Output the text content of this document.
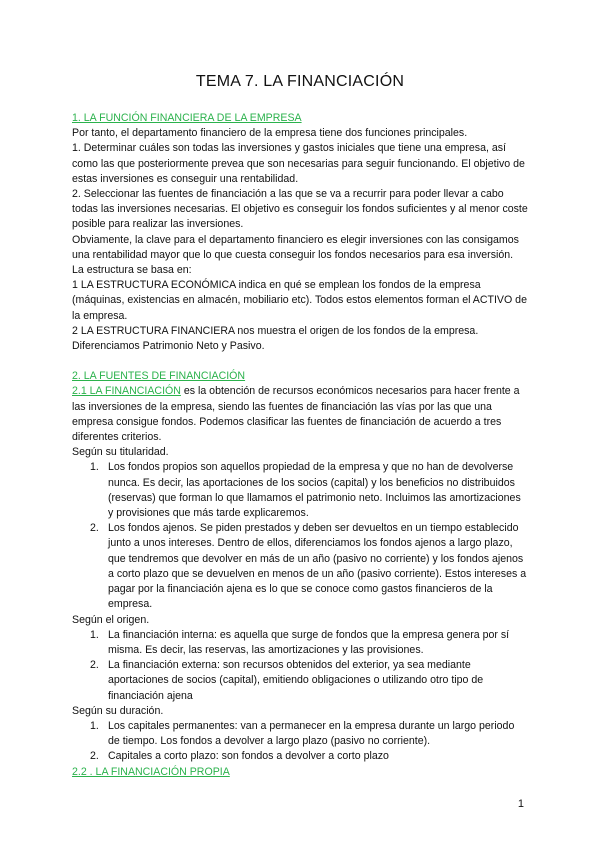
TEMA 7. LA FINANCIACIÓN

1. LA FUNCIÓN FINANCIERA DE LA EMPRESA

Por tanto, el departamento financiero de la empresa tiene dos funciones principales.

1. Determinar cuáles son todas las inversiones y gastos iniciales que tiene una empresa, así como las que posteriormente prevea que son necesarias para seguir funcionando. El objetivo de estas inversiones es conseguir una rentabilidad.

2. Seleccionar las fuentes de financiación a las que se va a recurrir para poder llevar a cabo todas las inversiones necesarias. El objetivo es conseguir los fondos suficientes y al menor coste posible para realizar las inversiones.

Obviamente, la clave para el departamento financiero es elegir inversiones con las consigamos una rentabilidad mayor que lo que cuesta conseguir los fondos necesarios para esa inversión.

La estructura se basa en:

1 LA ESTRUCTURA ECONÓMICA indica en qué se emplean los fondos de la empresa (máquinas, existencias en almacén, mobiliario etc). Todos estos elementos forman el ACTIVO de la empresa.

2 LA ESTRUCTURA FINANCIERA nos muestra el origen de los fondos de la empresa. Diferenciamos Patrimonio Neto y Pasivo.

2. LA FUENTES DE FINANCIACIÓN

2.1 LA FINANCIACIÓN es la obtención de recursos económicos necesarios para hacer frente a las inversiones de la empresa, siendo las fuentes de financiación las vías por las que una empresa consigue fondos. Podemos clasificar las fuentes de financiación de acuerdo a tres diferentes criterios.

Según su titularidad.

1. Los fondos propios son aquellos propiedad de la empresa y que no han de devolverse nunca. Es decir, las aportaciones de los socios (capital) y los beneficios no distribuidos (reservas) que forman lo que llamamos el patrimonio neto. Incluimos las amortizaciones y provisiones que más tarde explicaremos.
2. Los fondos ajenos. Se piden prestados y deben ser devueltos en un tiempo establecido junto a unos intereses. Dentro de ellos, diferenciamos los fondos ajenos a largo plazo, que tendremos que devolver en más de un año (pasivo no corriente) y los fondos ajenos a corto plazo que se devuelven en menos de un año (pasivo corriente). Estos intereses a pagar por la financiación ajena es lo que se conoce como gastos financieros de la empresa.

Según el origen.

1. La financiación interna: es aquella que surge de fondos que la empresa genera por sí misma. Es decir, las reservas, las amortizaciones y las provisiones.
2. La financiación externa: son recursos obtenidos del exterior, ya sea mediante aportaciones de socios (capital), emitiendo obligaciones o utilizando otro tipo de financiación ajena

Según su duración.

1. Los capitales permanentes: van a permanecer en la empresa durante un largo periodo de tiempo. Los fondos a devolver a largo plazo (pasivo no corriente).
2. Capitales a corto plazo: son fondos a devolver a corto plazo

2.2 . LA FINANCIACIÓN PROPIA

1
